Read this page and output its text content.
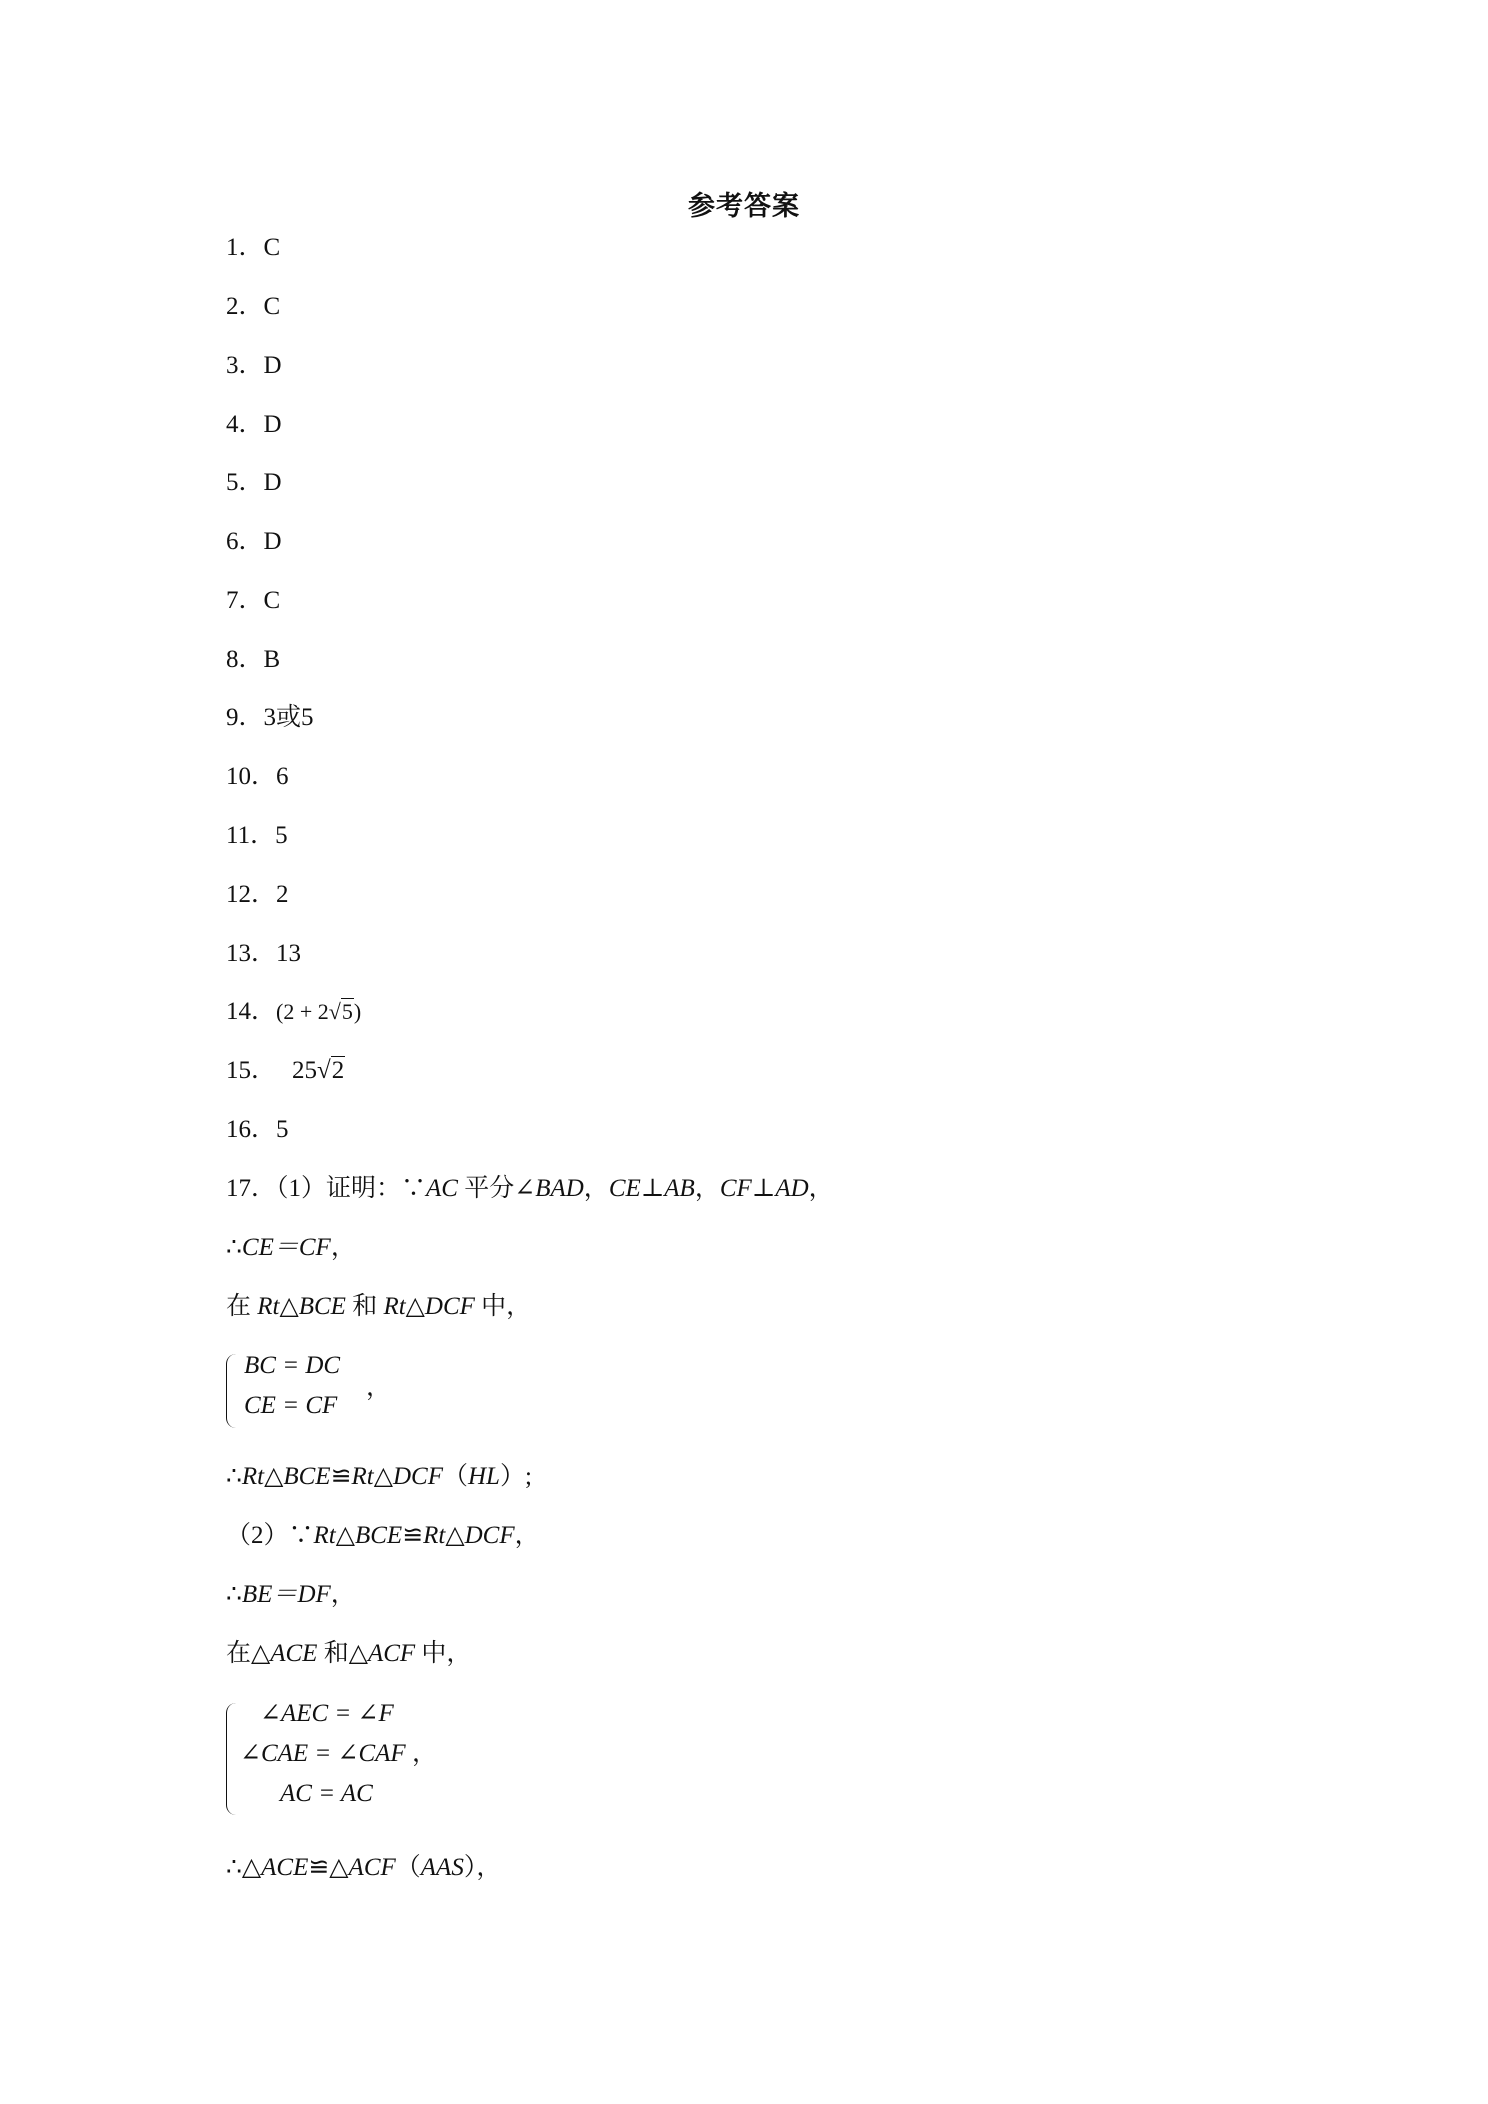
参考答案
1．C
2．C
3．D
4．D
5．D
6．D
7．C
8．B
9．3或5
10．6
11．5
12．2
13．13
14．(2 + 2√5)
15． 25√2
16．5
17．（1）证明：∵AC 平分∠BAD，CE⊥AB，CF⊥AD，
∴CE＝CF，
在 Rt△BCE 和 Rt△DCF 中，
BC = DC
CE = CF
，
∴Rt△BCE≌Rt△DCF（HL）;
（2）∵Rt△BCE≌Rt△DCF，
∴BE＝DF，
在△ACE 和△ACF 中，
∠AEC = ∠F
∠CAE = ∠CAF
AC = AC
，
∴△ACE≌△ACF（AAS），
